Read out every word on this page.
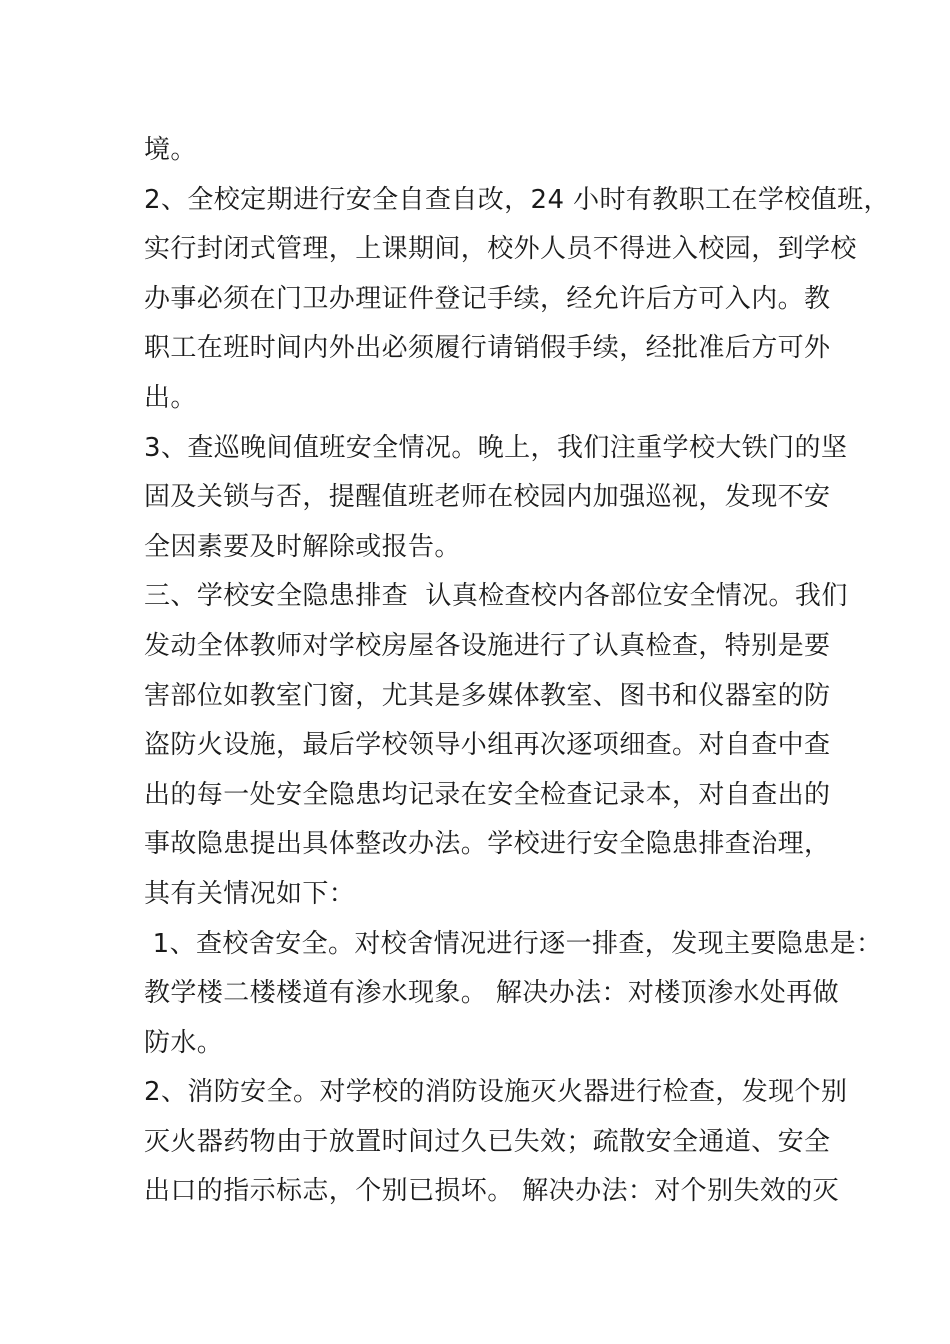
境。
2、全校定期进行安全自查自改，24 小时有教职工在学校值班，
实行封闭式管理，上课期间，校外人员不得进入校园，到学校
办事必须在门卫办理证件登记手续，经允许后方可入内。教
职工在班时间内外出必须履行请销假手续，经批准后方可外
出。
3、查巡晚间值班安全情况。晚上，我们注重学校大铁门的坚
固及关锁与否，提醒值班老师在校园内加强巡视，发现不安
全因素要及时解除或报告。
三、学校安全隐患排查  认真检查校内各部位安全情况。我们
发动全体教师对学校房屋各设施进行了认真检查，特别是要
害部位如教室门窗，尤其是多媒体教室、图书和仪器室的防
盗防火设施，最后学校领导小组再次逐项细查。对自查中查
出的每一处安全隐患均记录在安全检查记录本，对自查出的
事故隐患提出具体整改办法。学校进行安全隐患排查治理，
其有关情况如下：
1、查校舍安全。对校舍情况进行逐一排查，发现主要隐患是：
教学楼二楼楼道有渗水现象。 解决办法：对楼顶渗水处再做
防水。
2、消防安全。对学校的消防设施灭火器进行检查，发现个别
灭火器药物由于放置时间过久已失效；疏散安全通道、安全
出口的指示标志，个别已损坏。 解决办法：对个别失效的灭
